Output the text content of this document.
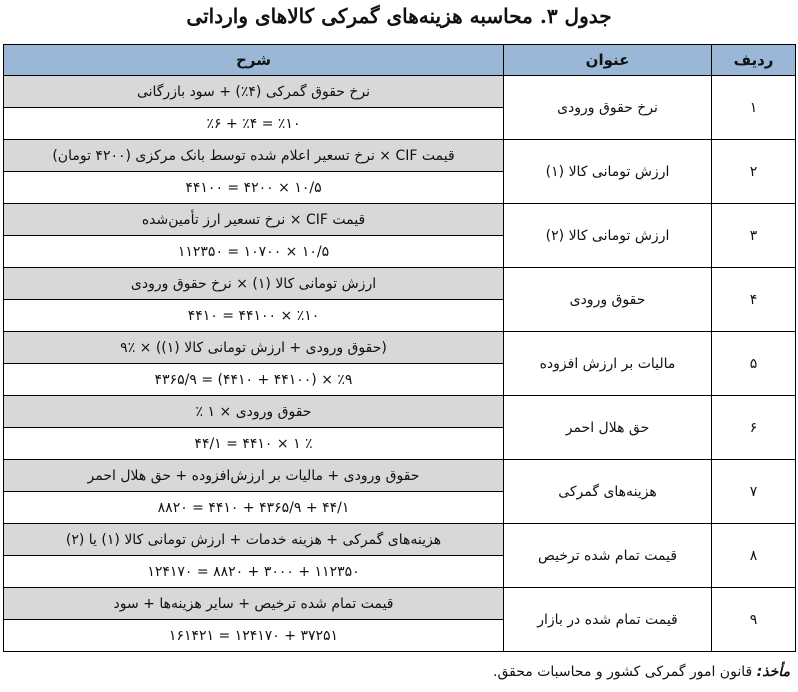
جدول ۳. محاسبه هزینه‌های گمرکی کالاهای وارداتی
ردیف	عنوان	شرح
۱	نرخ حقوق ورودی	نرخ حقوق گمرکی (۴٪) + سود بازرگانی
		٪۱۰ = ٪۴ + ٪۶
۲	ارزش تومانی کالا (۱)	قیمت CIF × نرخ تسعیر اعلام شده توسط بانک مرکزی (۴۲۰۰ تومان)
		۱۰/۵ × ۴۲۰۰ = ۴۴۱۰۰
۳	ارزش تومانی کالا (۲)	قیمت CIF × نرخ تسعیر ارز تأمین‌شده
		۱۰/۵ × ۱۰۷۰۰ = ۱۱۲۳۵۰
۴	حقوق ورودی	ارزش تومانی کالا (۱) × نرخ حقوق ورودی
		٪۱۰ × ۴۴۱۰۰ = ۴۴۱۰
۵	مالیات بر ارزش افزوده	(حقوق ورودی + ارزش تومانی کالا (۱)) × ٪۹
		٪۹ × (۴۴۱۰۰ + ۴۴۱۰) = ۴۳۶۵/۹
۶	حق هلال احمر	حقوق ورودی × ۱ ٪
		٪ ۱ × ۴۴۱۰ = ۴۴/۱
۷	هزینه‌های گمرکی	حقوق ورودی + مالیات بر ارزش‌افزوده + حق هلال احمر
		۴۴/۱ + ۴۳۶۵/۹ + ۴۴۱۰ = ۸۸۲۰
۸	قیمت تمام شده ترخیص	هزینه‌های گمرکی + هزینه خدمات + ارزش تومانی کالا (۱) یا (۲)
		۱۱۲۳۵۰ + ۳۰۰۰ + ۸۸۲۰ = ۱۲۴۱۷۰
۹	قیمت تمام شده در بازار	قیمت تمام شده ترخیص + سایر هزینه‌ها + سود
		۳۷۲۵۱ + ۱۲۴۱۷۰ = ۱۶۱۴۲۱
مأخذ: قانون امور گمرکی کشور و محاسبات محقق.
